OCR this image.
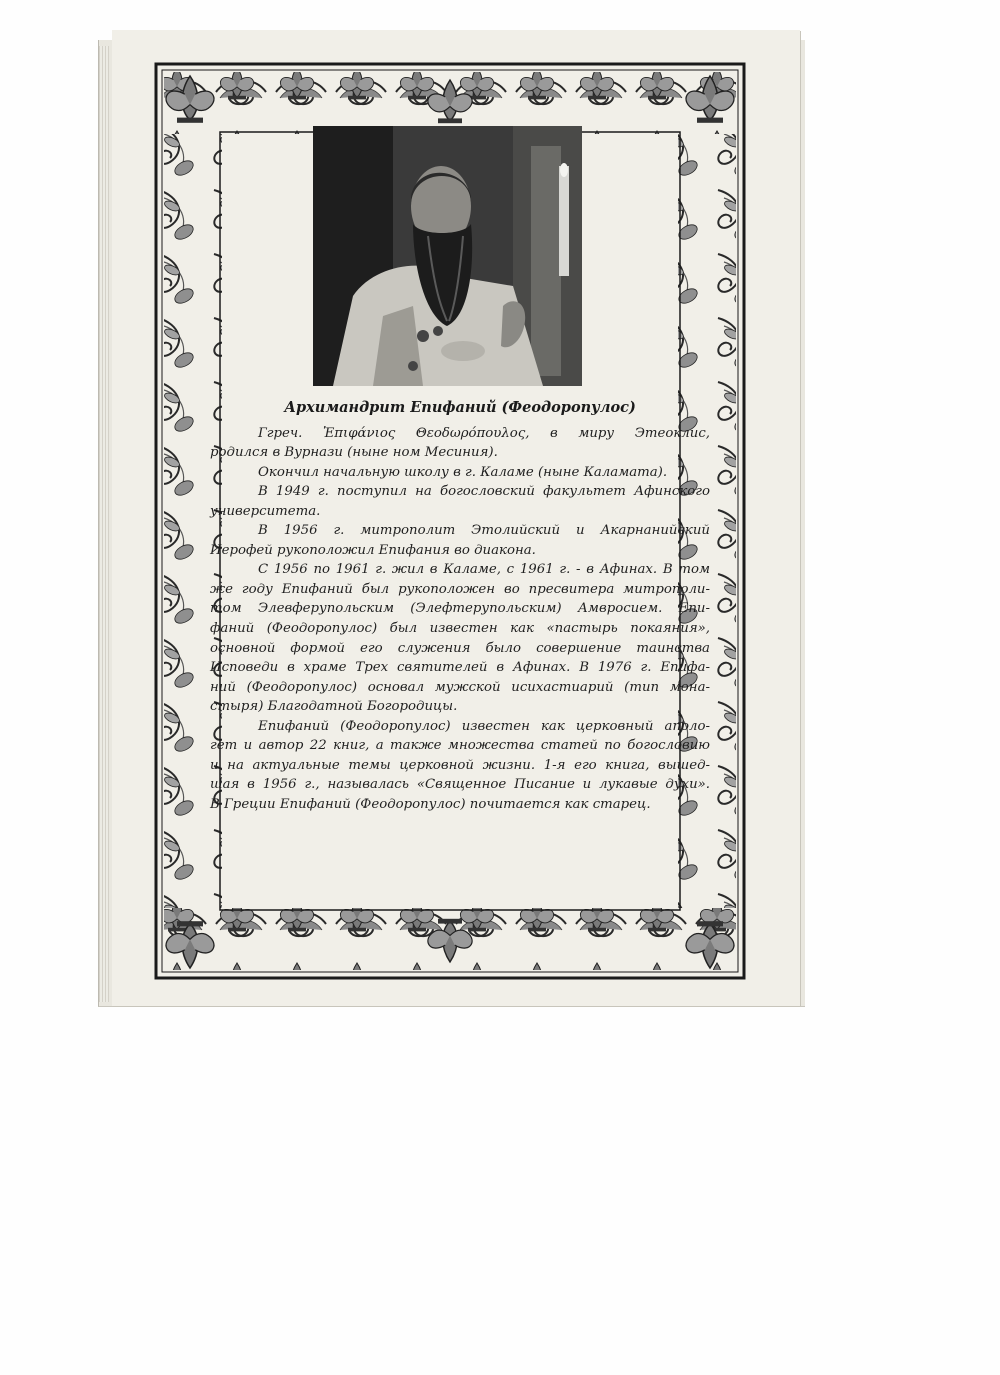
Архимандрит Епифаний (Феодоропулос)

Ггреч. Ἐπιφάνιος Θεοδωρόπουλος, в миру Этеоклис,
родился в Вурнази (ныне ном Месиния).

Окончил начальную школу в г. Каламе (ныне Каламата).

В 1949 г. поступил на богословский факультет Афинского
университета.

В 1956 г. митрополит Этолийский и Акарнанийский
Иерофей рукоположил Епифания во диакона.

С 1956 по 1961 г. жил в Каламе, с 1961 г. - в Афинах. В том
же году Епифаний был рукоположен во пресвитера митрополи-
том Элевферупольским (Элефтерупольским) Амвросием. Епи-
фаний (Феодоропулос) был известен как «пастырь покаяния»,
основной формой его служения было совершение таинства
Исповеди в храме Трех святителей в Афинах. В 1976 г. Епифа-
ний (Феодоропулос) основал мужской исихастиарий (тип мона-
стыря) Благодатной Богородицы.

Епифаний (Феодоропулос) известен как церковный аполо-
гет и автор 22 книг, а также множества статей по богословию
и на актуальные темы церковной жизни. 1-я его книга, вышед-
шая в 1956 г., называлась «Священное Писание и лукавые духи».
В Греции Епифаний (Феодоропулос) почитается как старец.
